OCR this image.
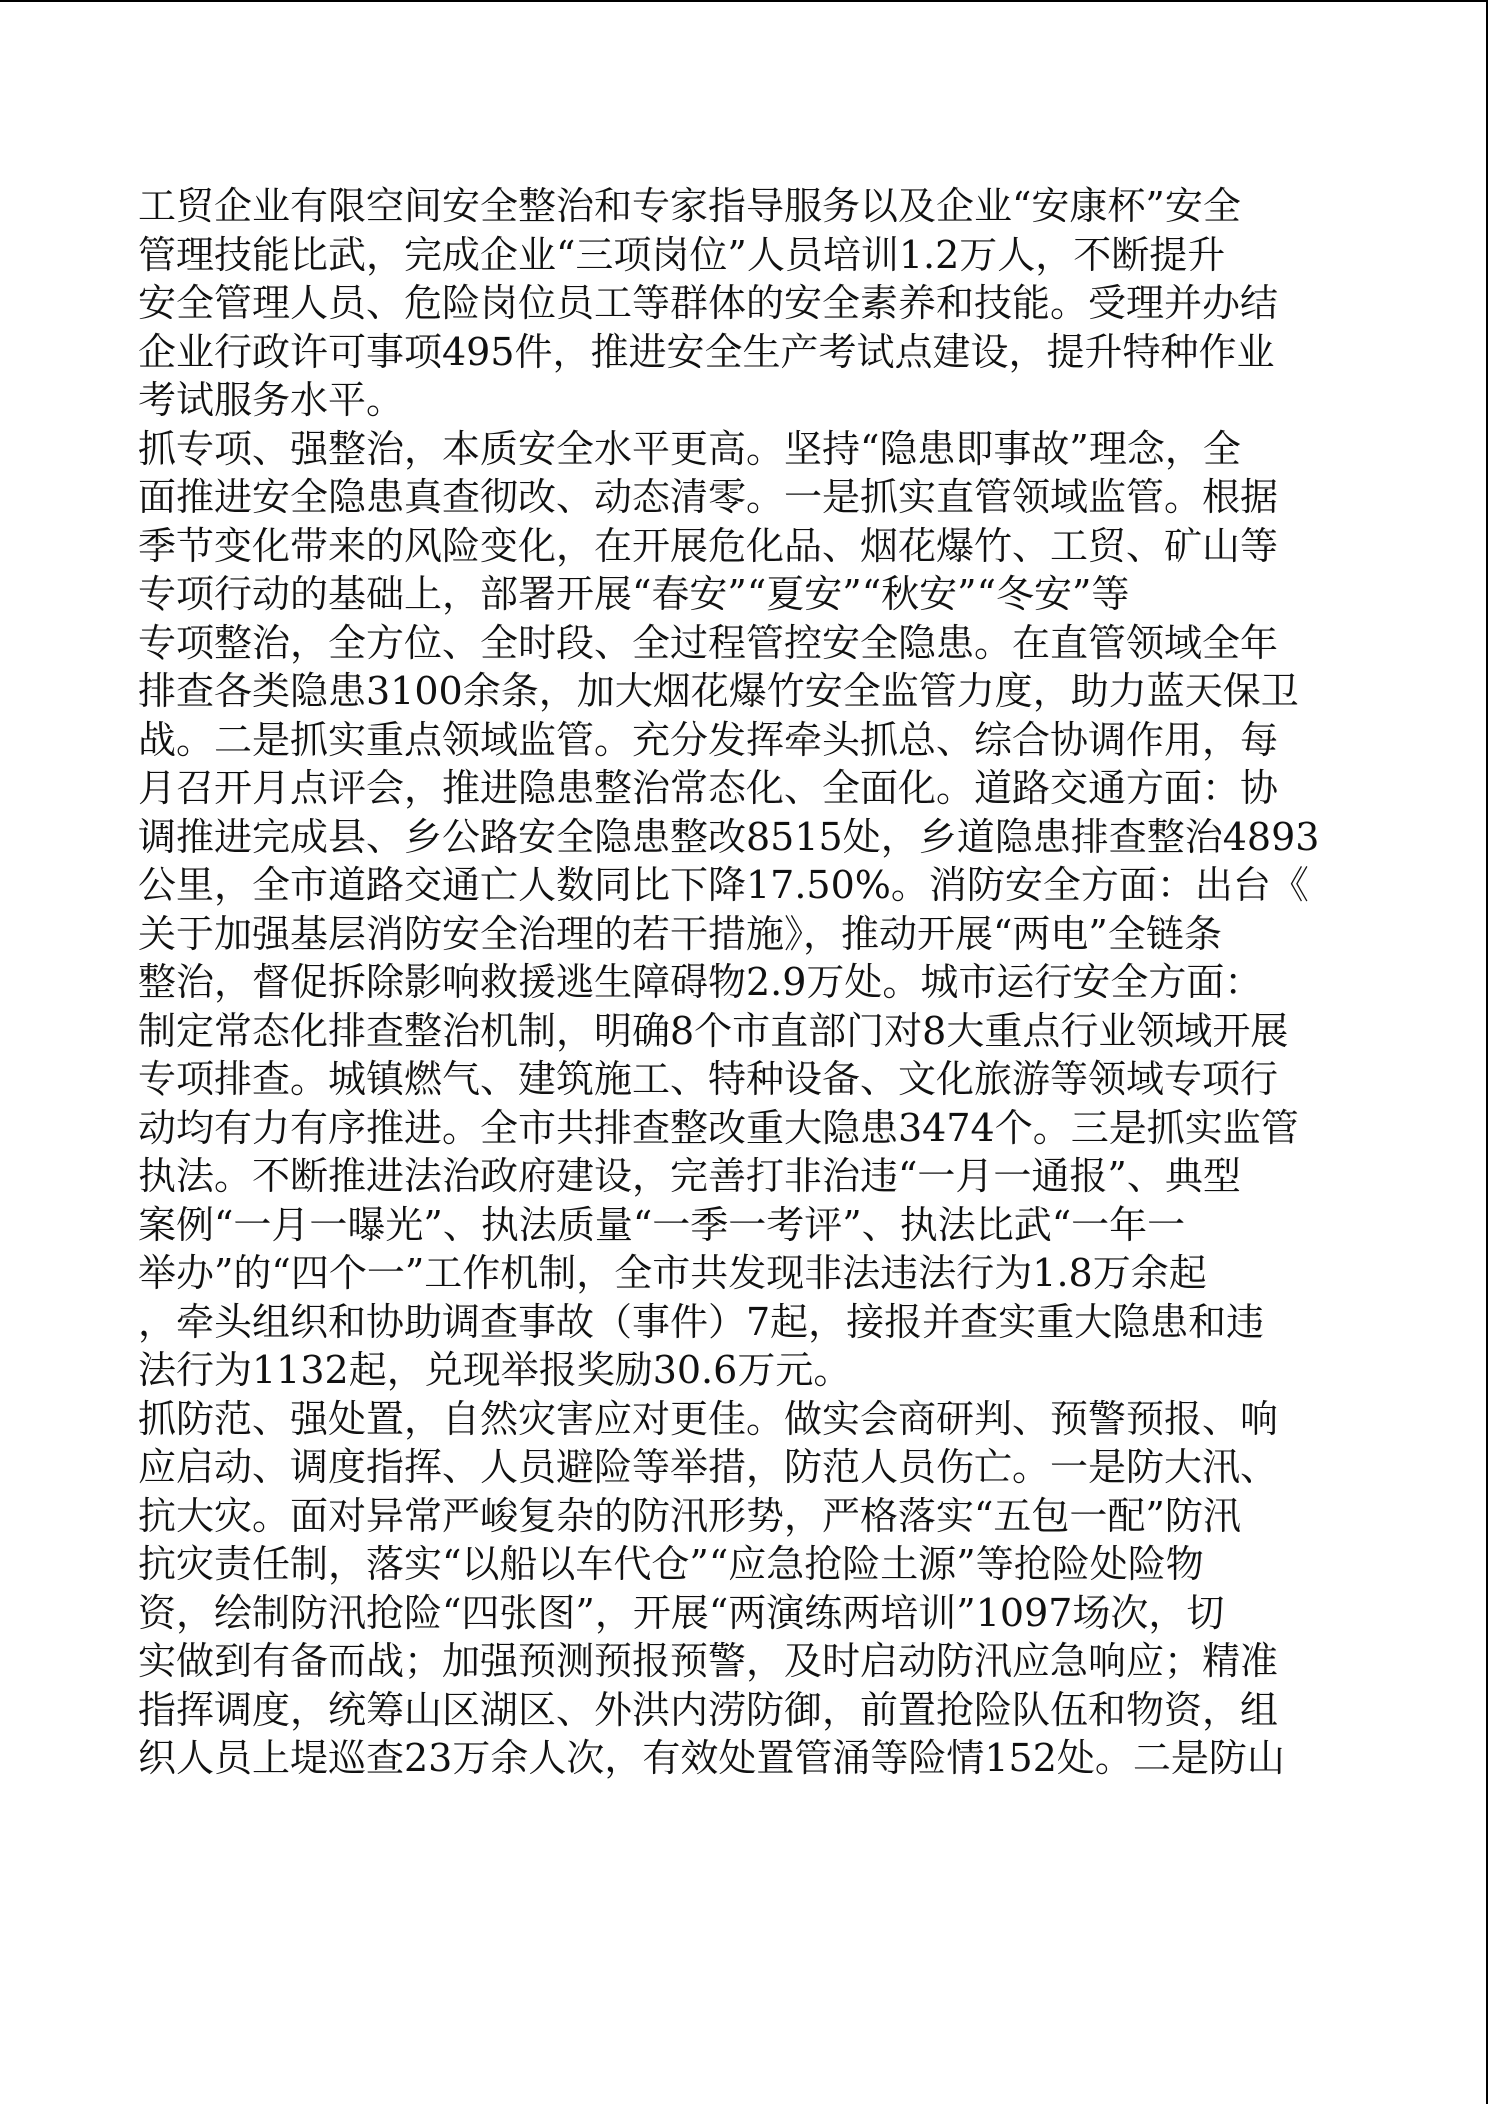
工贸企业有限空间安全整治和专家指导服务以及企业“安康杯”安全
管理技能比武，完成企业“三项岗位”人员培训1.2万人，不断提升
安全管理人员、危险岗位员工等群体的安全素养和技能。受理并办结
企业行政许可事项495件，推进安全生产考试点建设，提升特种作业
考试服务水平。
抓专项、强整治，本质安全水平更高。坚持“隐患即事故”理念，全
面推进安全隐患真查彻改、动态清零。一是抓实直管领域监管。根据
季节变化带来的风险变化，在开展危化品、烟花爆竹、工贸、矿山等
专项行动的基础上，部署开展“春安”“夏安”“秋安”“冬安”等
专项整治，全方位、全时段、全过程管控安全隐患。在直管领域全年
排查各类隐患3100余条，加大烟花爆竹安全监管力度，助力蓝天保卫
战。二是抓实重点领域监管。充分发挥牵头抓总、综合协调作用，每
月召开月点评会，推进隐患整治常态化、全面化。道路交通方面：协
调推进完成县、乡公路安全隐患整改8515处，乡道隐患排查整治4893
公里，全市道路交通亡人数同比下降17.50%。消防安全方面：出台《
关于加强基层消防安全治理的若干措施》，推动开展“两电”全链条
整治，督促拆除影响救援逃生障碍物2.9万处。城市运行安全方面：
制定常态化排查整治机制，明确8个市直部门对8大重点行业领域开展
专项排查。城镇燃气、建筑施工、特种设备、文化旅游等领域专项行
动均有力有序推进。全市共排查整改重大隐患3474个。三是抓实监管
执法。不断推进法治政府建设，完善打非治违“一月一通报”、典型
案例“一月一曝光”、执法质量“一季一考评”、执法比武“一年一
举办”的“四个一”工作机制，全市共发现非法违法行为1.8万余起
，牵头组织和协助调查事故（事件）7起，接报并查实重大隐患和违
法行为1132起，兑现举报奖励30.6万元。
抓防范、强处置，自然灾害应对更佳。做实会商研判、预警预报、响
应启动、调度指挥、人员避险等举措，防范人员伤亡。一是防大汛、
抗大灾。面对异常严峻复杂的防汛形势，严格落实“五包一配”防汛
抗灾责任制，落实“以船以车代仓”“应急抢险土源”等抢险处险物
资，绘制防汛抢险“四张图”，开展“两演练两培训”1097场次，切
实做到有备而战；加强预测预报预警，及时启动防汛应急响应；精准
指挥调度，统筹山区湖区、外洪内涝防御，前置抢险队伍和物资，组
织人员上堤巡查23万余人次，有效处置管涌等险情152处。二是防山
